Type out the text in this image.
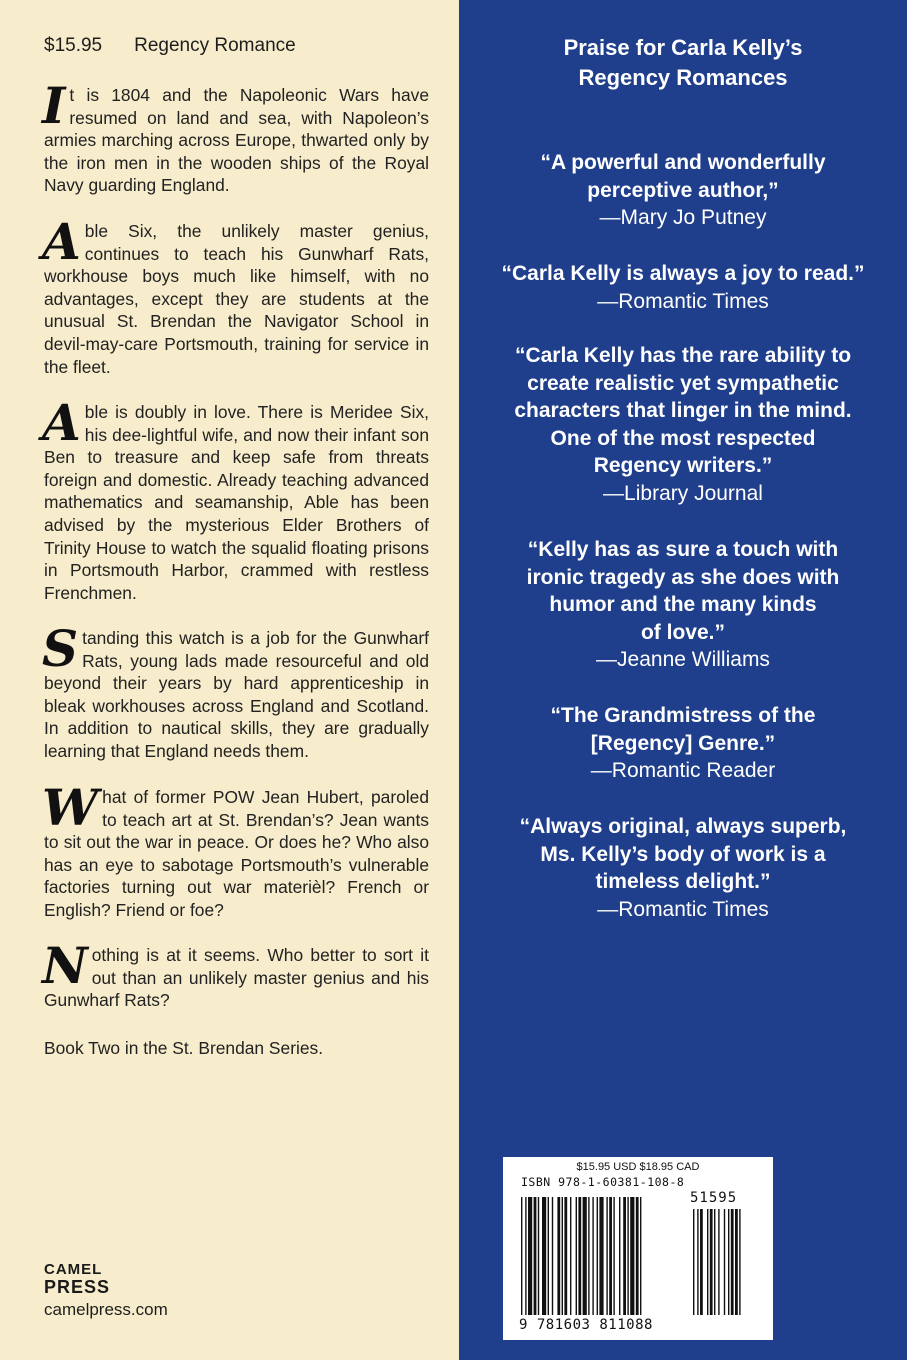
$15.95 Regency Romance
It is 1804 and the Napoleonic Wars have resumed on land and sea, with Napoleon’s armies marching across Europe, thwarted only by the iron men in the wooden ships of the Royal Navy guarding England.
Able Six, the unlikely master genius, continues to teach his Gunwharf Rats, workhouse boys much like himself, with no advantages, except they are students at the unusual St. Brendan the Navigator School in devil-may-care Portsmouth, training for service in the fleet.
Able is doubly in love. There is Meridee Six, his dee-lightful wife, and now their infant son Ben to treasure and keep safe from threats foreign and domestic. Already teaching advanced mathematics and seamanship, Able has been advised by the mysterious Elder Brothers of Trinity House to watch the squalid floating prisons in Portsmouth Harbor, crammed with restless Frenchmen.
Standing this watch is a job for the Gunwharf Rats, young lads made resourceful and old beyond their years by hard apprenticeship in bleak workhouses across England and Scotland. In addition to nautical skills, they are gradually learning that England needs them.
What of former POW Jean Hubert, paroled to teach art at St. Brendan’s? Jean wants to sit out the war in peace. Or does he? Who also has an eye to sabotage Portsmouth’s vulnerable factories turning out war materièl? French or English? Friend or foe?
Nothing is at it seems. Who better to sort it out than an unlikely master genius and his Gunwharf Rats?
Book Two in the St. Brendan Series.
CAMEL
PRESS
camelpress.com
Praise for Carla Kelly’s
Regency Romances
“A powerful and wonderfully
perceptive author,”
—Mary Jo Putney
“Carla Kelly is always a joy to read.”
—Romantic Times
“Carla Kelly has the rare ability to
create realistic yet sympathetic
characters that linger in the mind.
One of the most respected
Regency writers.”
—Library Journal
“Kelly has as sure a touch with
ironic tragedy as she does with
humor and the many kinds
of love.”
—Jeanne Williams
“The Grandmistress of the
[Regency] Genre.”
—Romantic Reader
“Always original, always superb,
Ms. Kelly’s body of work is a
timeless delight.”
—Romantic Times
$15.95 USD $18.95 CAD
ISBN 978-1-60381-108-8
51595
9 781603 811088
